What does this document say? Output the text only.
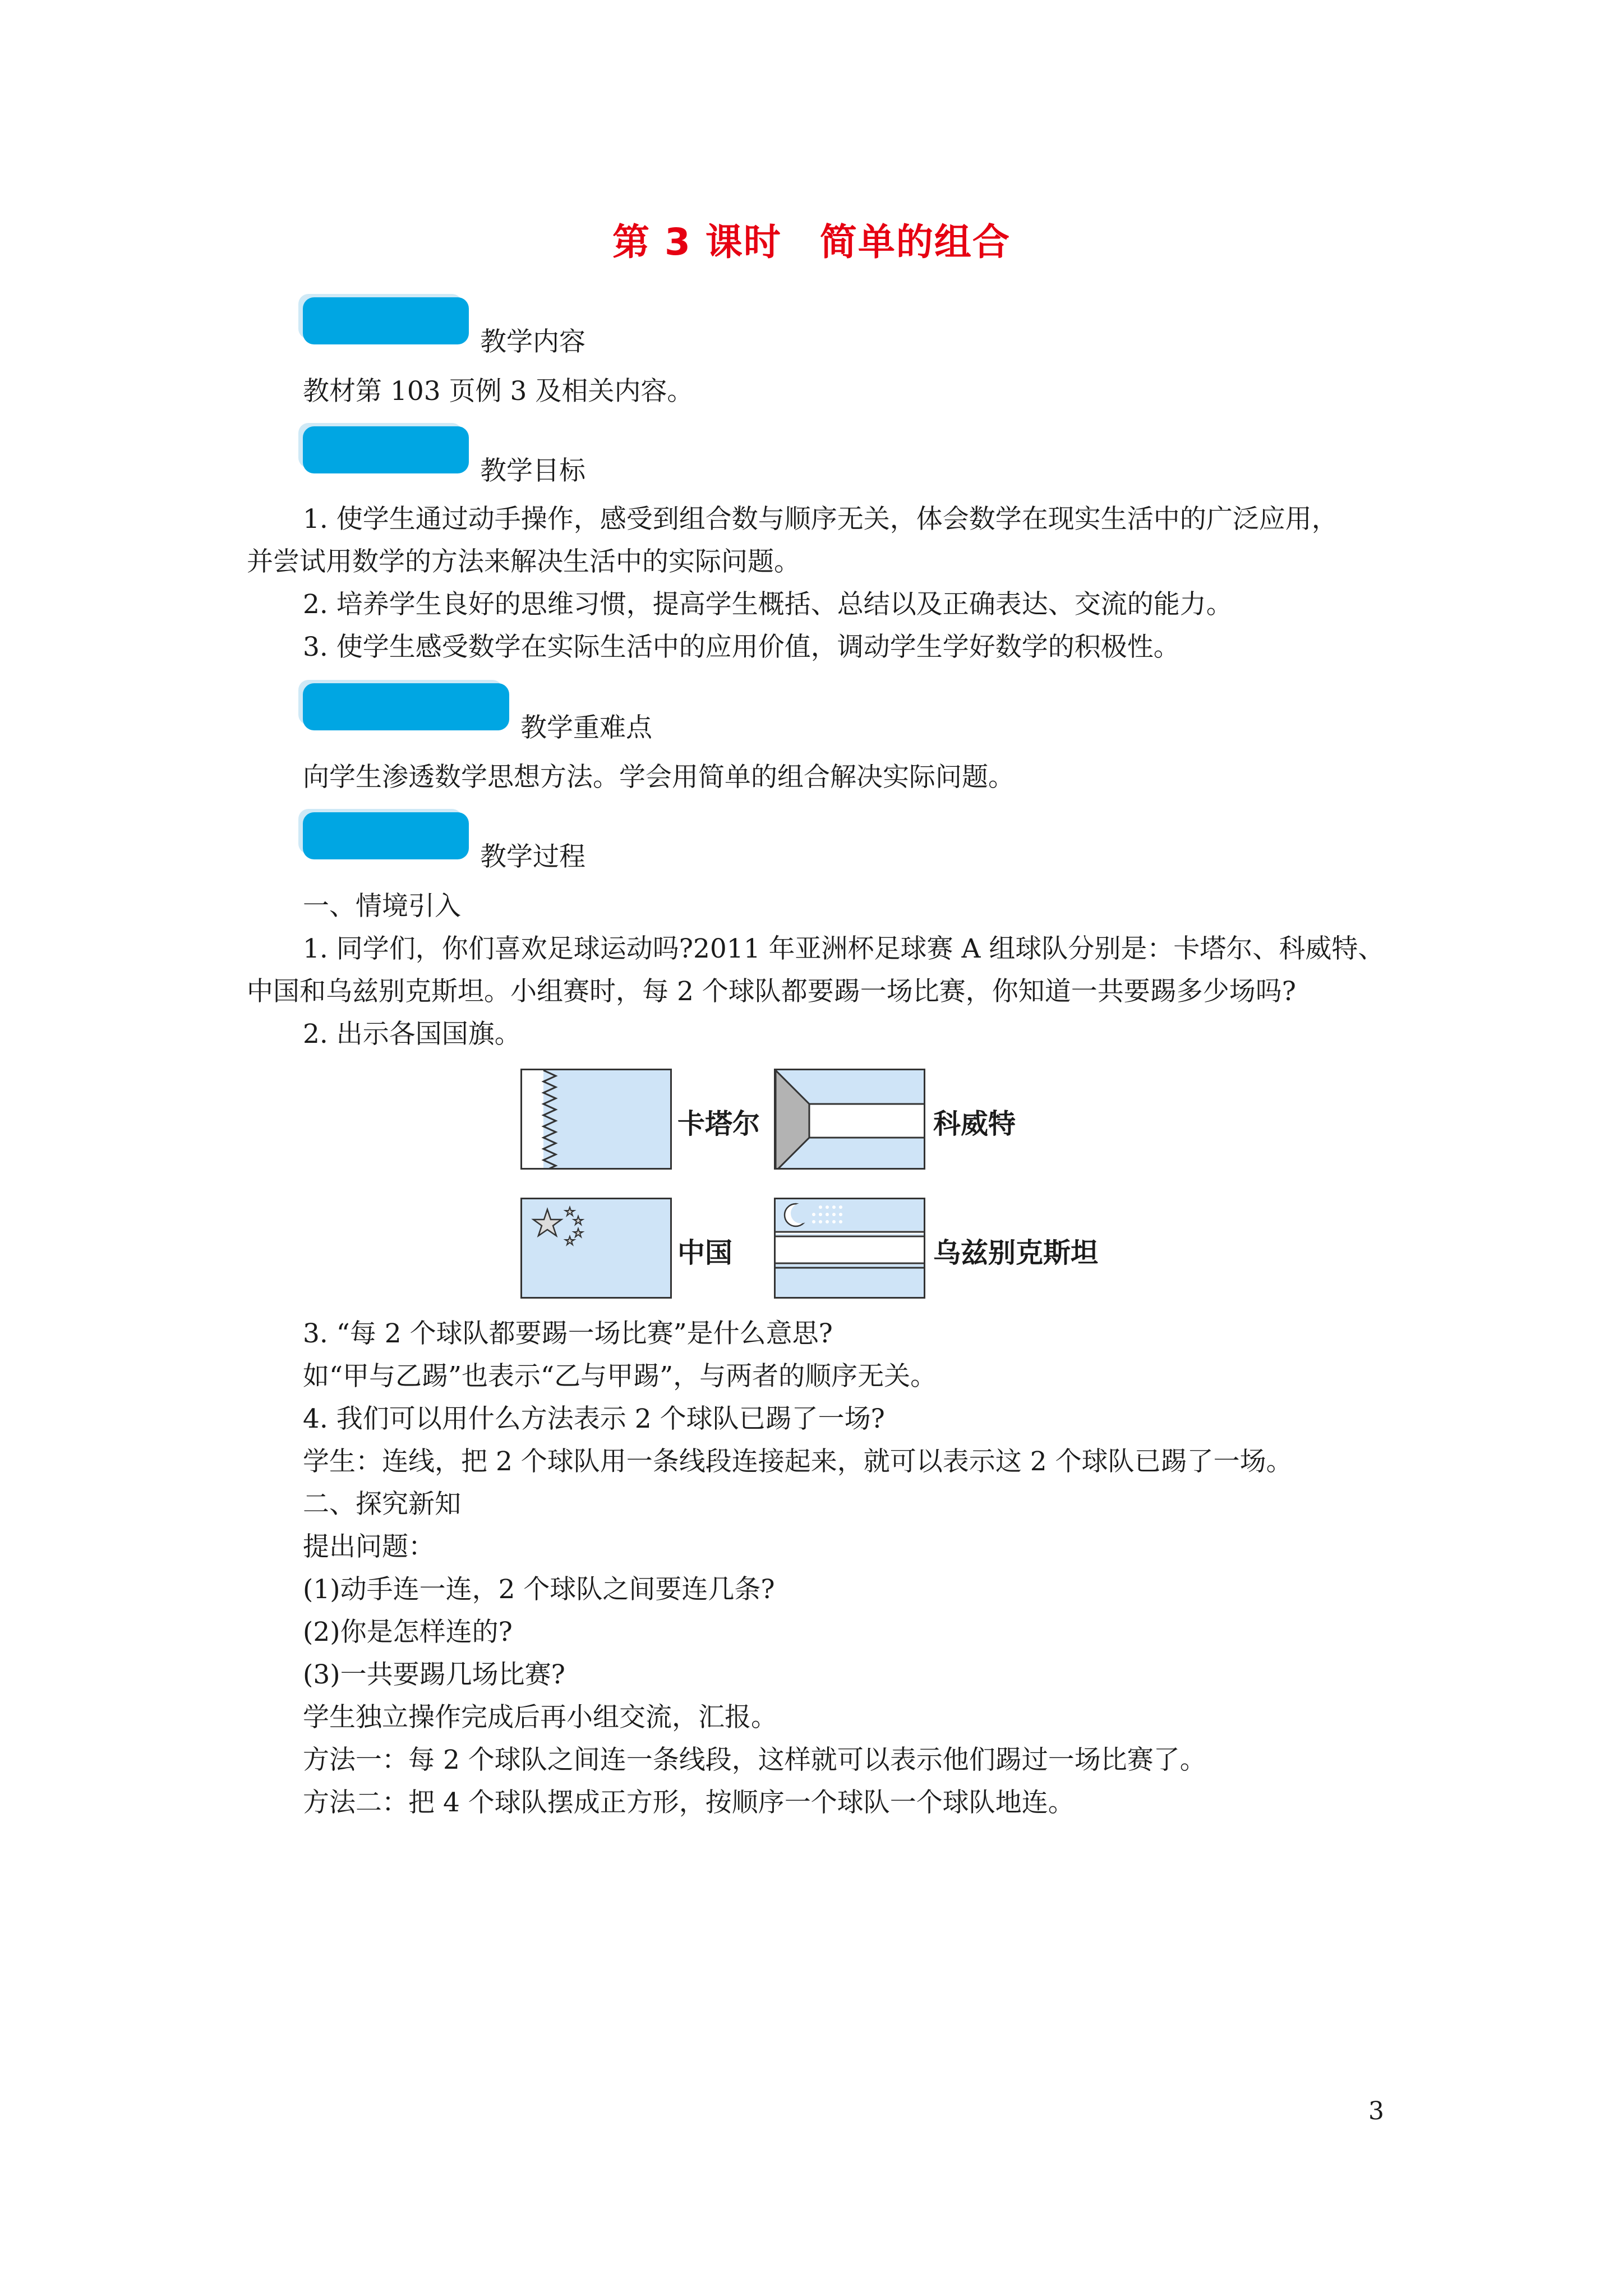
第 3 课时　简单的组合
教学内容

教材第 103 页例 3 及相关内容。

教学目标

1. 使学生通过动手操作，感受到组合数与顺序无关，体会数学在现实生活中的广泛应用，

并尝试用数学的方法来解决生活中的实际问题。

2. 培养学生良好的思维习惯，提高学生概括、总结以及正确表达、交流的能力。

3. 使学生感受数学在实际生活中的应用价值，调动学生学好数学的积极性。

教学重难点

向学生渗透数学思想方法。学会用简单的组合解决实际问题。

教学过程

一、情境引入

1. 同学们，你们喜欢足球运动吗?2011 年亚洲杯足球赛 A 组球队分别是：卡塔尔、科威特、

中国和乌兹别克斯坦。小组赛时，每 2 个球队都要踢一场比赛，你知道一共要踢多少场吗?

2. 出示各国国旗。

卡塔尔	科威特
中国	乌兹别克斯坦

3. “每 2 个球队都要踢一场比赛”是什么意思?

如“甲与乙踢”也表示“乙与甲踢”，与两者的顺序无关。

4. 我们可以用什么方法表示 2 个球队已踢了一场?

学生：连线，把 2 个球队用一条线段连接起来，就可以表示这 2 个球队已踢了一场。

二、探究新知

提出问题：

(1)动手连一连，2 个球队之间要连几条?

(2)你是怎样连的?

(3)一共要踢几场比赛?

学生独立操作完成后再小组交流，汇报。

方法一：每 2 个球队之间连一条线段，这样就可以表示他们踢过一场比赛了。

方法二：把 4 个球队摆成正方形，按顺序一个球队一个球队地连。

3
